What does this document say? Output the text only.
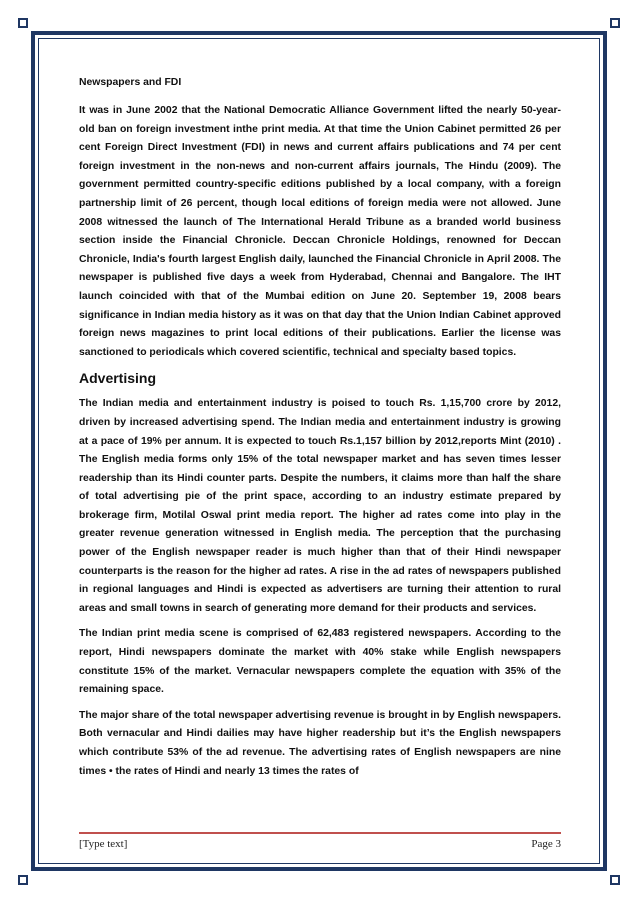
Newspapers and FDI

It was in June 2002 that the National Democratic Alliance Government lifted the nearly 50-year-old ban on foreign investment inthe print media. At that time the Union Cabinet permitted 26 per cent Foreign Direct Investment (FDI) in news and current affairs publications and 74 per cent foreign investment in the non-news and non-current affairs journals, The Hindu (2009). The government permitted country-specific editions published by a local company, with a foreign partnership limit of 26 percent, though local editions of foreign media were not allowed. June 2008 witnessed the launch of The International Herald Tribune as a branded world business section inside the Financial Chronicle. Deccan Chronicle Holdings, renowned for Deccan Chronicle, India's fourth largest English daily, launched the Financial Chronicle in April 2008. The newspaper is published five days a week from Hyderabad, Chennai and Bangalore. The IHT launch coincided with that of the Mumbai edition on June 20. September 19, 2008 bears significance in Indian media history as it was on that day that the Union Indian Cabinet approved foreign news magazines to print local editions of their publications. Earlier the license was sanctioned to periodicals which covered scientific, technical and specialty based topics.

Advertising

The Indian media and entertainment industry is poised to touch Rs. 1,15,700 crore by 2012, driven by increased advertising spend. The Indian media and entertainment industry is growing at a pace of 19% per annum. It is expected to touch Rs.1,157 billion by 2012,reports Mint (2010) . The English media forms only 15% of the total newspaper market and has seven times lesser readership than its Hindi counter parts. Despite the numbers, it claims more than half the share of total advertising pie of the print space, according to an industry estimate prepared by brokerage firm, Motilal Oswal print media report. The higher ad rates come into play in the greater revenue generation witnessed in English media. The perception that the purchasing power of the English newspaper reader is much higher than that of their Hindi newspaper counterparts is the reason for the higher ad rates. A rise in the ad rates of newspapers published in regional languages and Hindi is expected as advertisers are turning their attention to rural areas and small towns in search of generating more demand for their products and services.

The Indian print media scene is comprised of 62,483 registered newspapers. According to the report, Hindi newspapers dominate the market with 40% stake while English newspapers constitute 15% of the market. Vernacular newspapers complete the equation with 35% of the remaining space.

The major share of the total newspaper advertising revenue is brought in by English newspapers. Both vernacular and Hindi dailies may have higher readership but it’s the English newspapers which contribute 53% of the ad revenue. The advertising rates of English newspapers are nine times • the rates of Hindi and nearly 13 times the rates of

[Type text]	Page 3
